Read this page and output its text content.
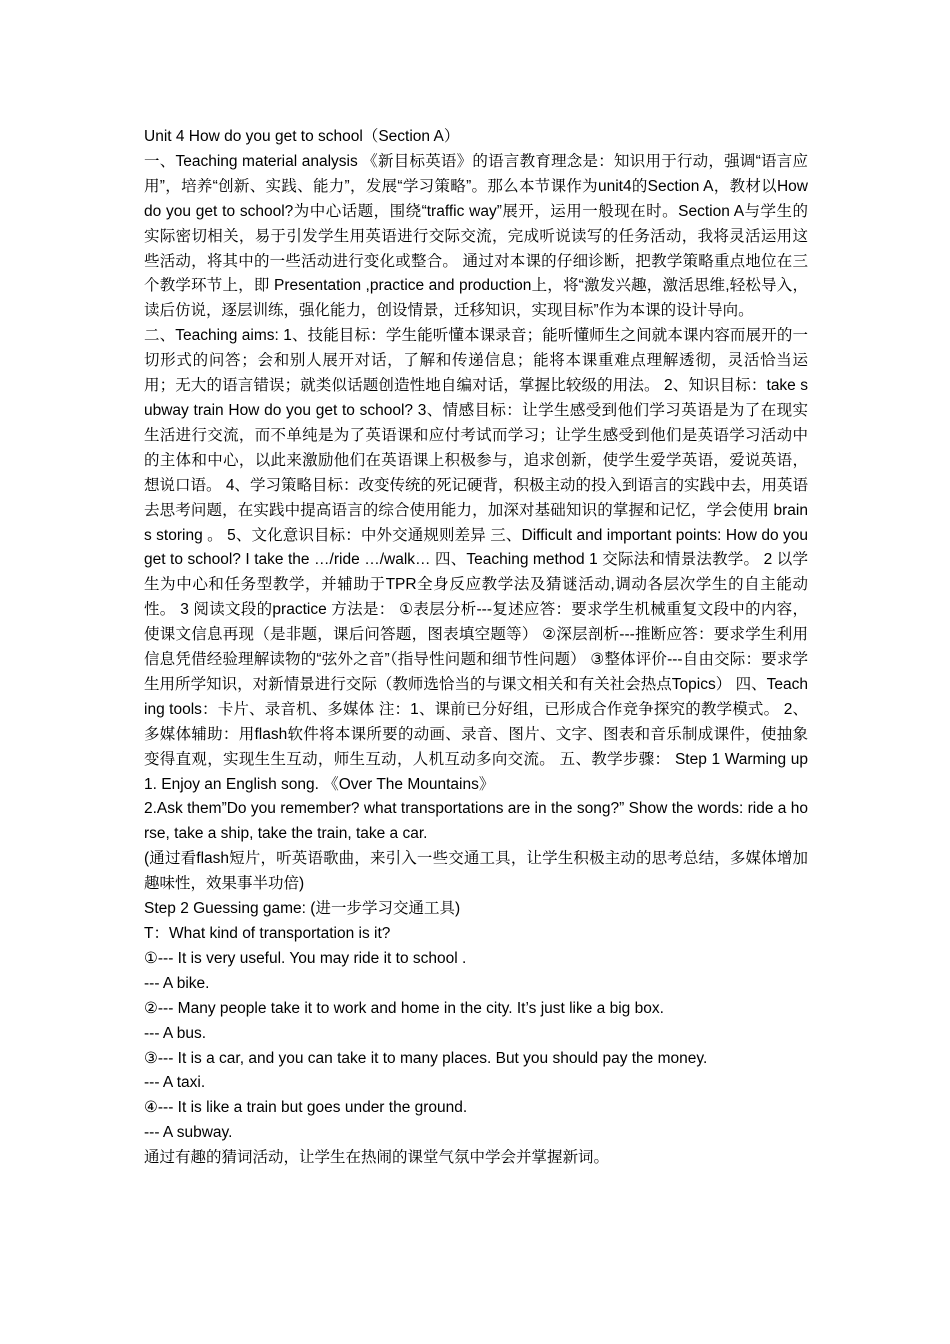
Unit 4 How do you get to school（Section A）

一、Teaching material analysis 《新目标英语》的语言教育理念是：知识用于行动，强调“语言应用”，培养“创新、实践、能力”，发展“学习策略”。那么本节课作为unit4的Section A，教材以How do you get to school?为中心话题，围绕“traffic way”展开，运用一般现在时。Section A与学生的实际密切相关，易于引发学生用英语进行交际交流，完成听说读写的任务活动，我将灵活运用这些活动，将其中的一些活动进行变化或整合。 通过对本课的仔细诊断，把教学策略重点地位在三个教学环节上，即 Presentation ,practice and production上，将“激发兴趣，激活思维,轻松导入，读后仿说，逐层训练，强化能力，创设情景，迁移知识，实现目标”作为本课的设计导向。

二、Teaching aims: 1、技能目标：学生能听懂本课录音；能听懂师生之间就本课内容而展开的一切形式的问答；会和别人展开对话，了解和传递信息；能将本课重难点理解透彻，灵活恰当运用；无大的语言错误；就类似话题创造性地自编对话，掌握比较级的用法。 2、知识目标：take subway train How do you get to school? 3、情感目标：让学生感受到他们学习英语是为了在现实生活进行交流，而不单纯是为了英语课和应付考试而学习；让学生感受到他们是英语学习活动中的主体和中心，以此来激励他们在英语课上积极参与，追求创新，使学生爱学英语，爱说英语，想说口语。 4、学习策略目标：改变传统的死记硬背，积极主动的投入到语言的实践中去，用英语去思考问题，在实践中提高语言的综合使用能力，加深对基础知识的掌握和记忆，学会使用 brains storing 。 5、文化意识目标：中外交通规则差异 三、Difficult and important points: How do you get to school? I take the …/ride …/walk… 四、Teaching method 1 交际法和情景法教学。 2 以学生为中心和任务型教学，并辅助于TPR全身反应教学法及猜谜活动,调动各层次学生的自主能动性。 3 阅读文段的practice 方法是： ①表层分析---复述应答：要求学生机械重复文段中的内容，使课文信息再现（是非题，课后问答题，图表填空题等） ②深层剖析---推断应答：要求学生利用信息凭借经验理解读物的“弦外之音”（指导性问题和细节性问题） ③整体评价---自由交际：要求学生用所学知识，对新情景进行交际（教师选恰当的与课文相关和有关社会热点Topics） 四、Teaching tools：卡片、录音机、多媒体 注：1、课前已分好组，已形成合作竞争探究的教学模式。 2、多媒体辅助：用flash软件将本课所要的动画、录音、图片、文字、图表和音乐制成课件，使抽象变得直观，实现生生互动，师生互动，人机互动多向交流。 五、教学步骤： Step 1 Warming up 1. Enjoy an English song. 《Over The Mountains》

2.Ask them”Do you remember? what transportations are in the song?” Show the words: ride a horse, take a ship, take the train, take a car.

(通过看flash短片，听英语歌曲，来引入一些交通工具，让学生积极主动的思考总结，多媒体增加趣味性，效果事半功倍)

Step 2 Guessing game: (进一步学习交通工具)

T：What kind of transportation is it?

①--- It is very useful. You may ride it to school .

--- A bike.

②--- Many people take it to work and home in the city. It’s just like a big box.

--- A bus.

③--- It is a car, and you can take it to many places. But you should pay the money.

--- A taxi.

④--- It is like a train but goes under the ground.

--- A subway.

通过有趣的猜词活动，让学生在热闹的课堂气氛中学会并掌握新词。
